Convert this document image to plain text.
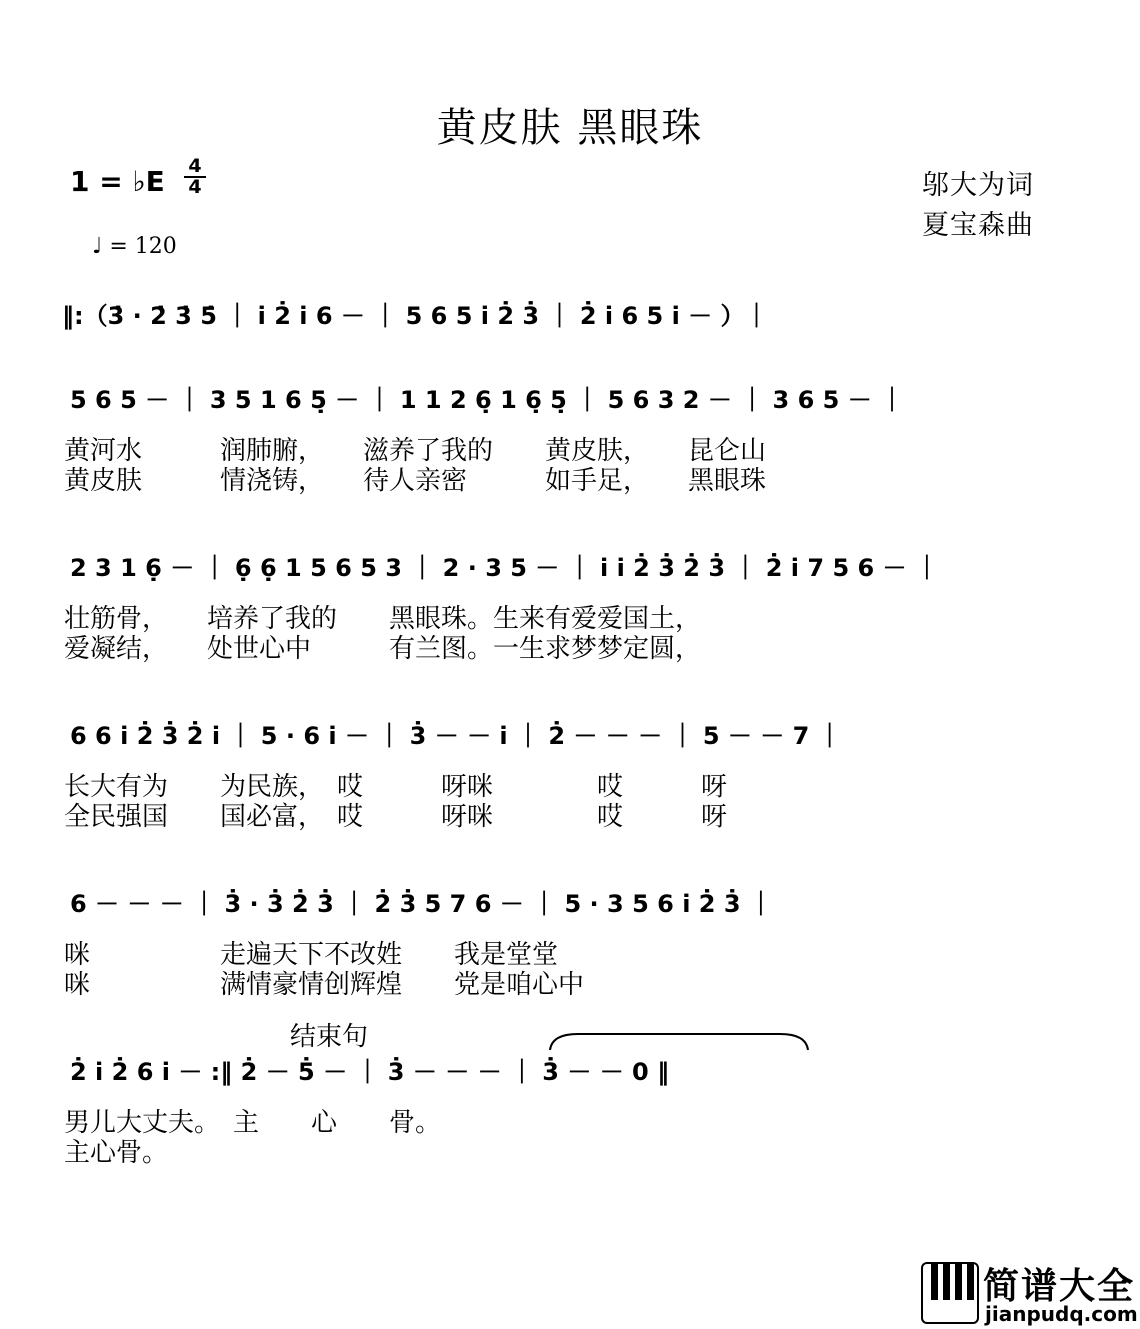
黄皮肤 黑眼珠
1 = ♭E 4
4
♩ = 120
邬大为词
夏宝森曲
‖:（3̇ · 2̇ 3̇ 5̇ ｜ i̇ 2̇ i̇ 6 － ｜ 5 6 5 i̇ 2̇ 3̇ ｜ 2̇ i̇ 6 5 i̇ － ）｜
5 6 5 － ｜ 3 5 1 6 5̣ － ｜ 1 1 2 6̣ 1 6̣ 5̣ ｜ 5 6 3 2 － ｜ 3 6 5 － ｜
黄河水　　　润肺腑，　　滋养了我的　　黄皮肤，　　昆仑山
黄皮肤　　　情浇铸，　　待人亲密　　　如手足，　　黑眼珠
2 3 1 6̣ － ｜ 6̣ 6̣ 1 5 6 5 3 ｜ 2 · 3 5 － ｜ i̇ i̇ 2̇ 3̇ 2̇ 3̇ ｜ 2̇ i̇ 7 5 6 － ｜
壮筋骨，　　培养了我的　　黑眼珠。生来有爱爱国土，
爱凝结，　　处世心中　　　有兰图。一生求梦梦定圆，
6 6 i̇ 2̇ 3̇ 2̇ i̇ ｜ 5 · 6 i̇ － ｜ 3̇ － － i̇ ｜ 2̇ － － － ｜ 5 － － 7 ｜
长大有为　　为民族，　哎　　　呀咪　　　　哎　　　呀
全民强国　　国必富，　哎　　　呀咪　　　　哎　　　呀
6 － － － ｜ 3̇ · 3̇ 2̇ 3̇ ｜ 2̇ 3̇ 5 7 6 － ｜ 5 · 3 5 6 i̇ 2̇ 3̇ ｜
咪　　　　　走遍天下不改姓　　我是堂堂
咪　　　　　满情豪情创辉煌　　党是咱心中
结束句
2̇ i̇ 2̇ 6 i̇ － :‖ 2̇ － 5̇ － ｜ 3̇ － － － ｜ 3̇ － － 0 ‖
男儿大丈夫。　主　　心　　骨。
主心骨。
简谱大全
jianpudq.com
